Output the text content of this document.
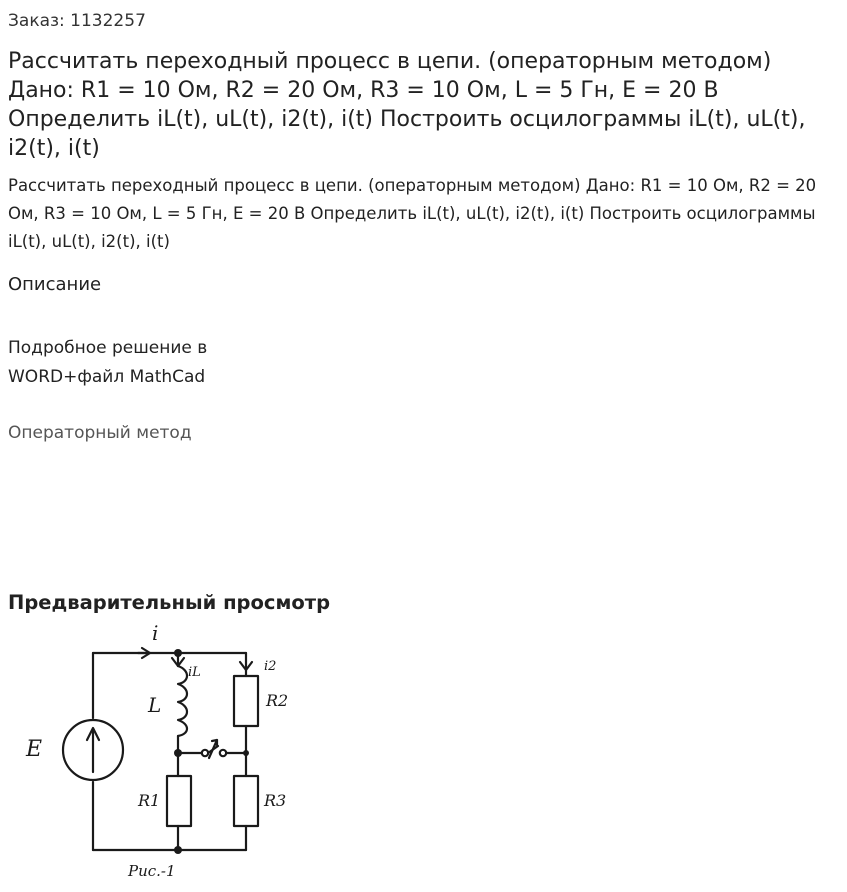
Заказ: 1132257
Рассчитать переходный процесс в цепи. (операторным методом) Дано: R1 = 10 Ом, R2 = 20 Ом, R3 = 10 Ом, L = 5 Гн, E = 20 В Определить iL(t), uL(t), i2(t), i(t) Построить осцилограммы iL(t), uL(t), i2(t), i(t)

Рассчитать переходный процесс в цепи. (операторным методом) Дано: R1 = 10 Ом, R2 = 20 Ом, R3 = 10 Ом, L = 5 Гн, E = 20 В Определить iL(t), uL(t), i2(t), i(t) Построить осцилограммы iL(t), uL(t), i2(t), i(t)

Описание

Подробное решение в WORD+файл MathCad

Операторный метод
Предварительный просмотр
E
i
iL	i2
L
R1
R2
R3
Рис.-1
